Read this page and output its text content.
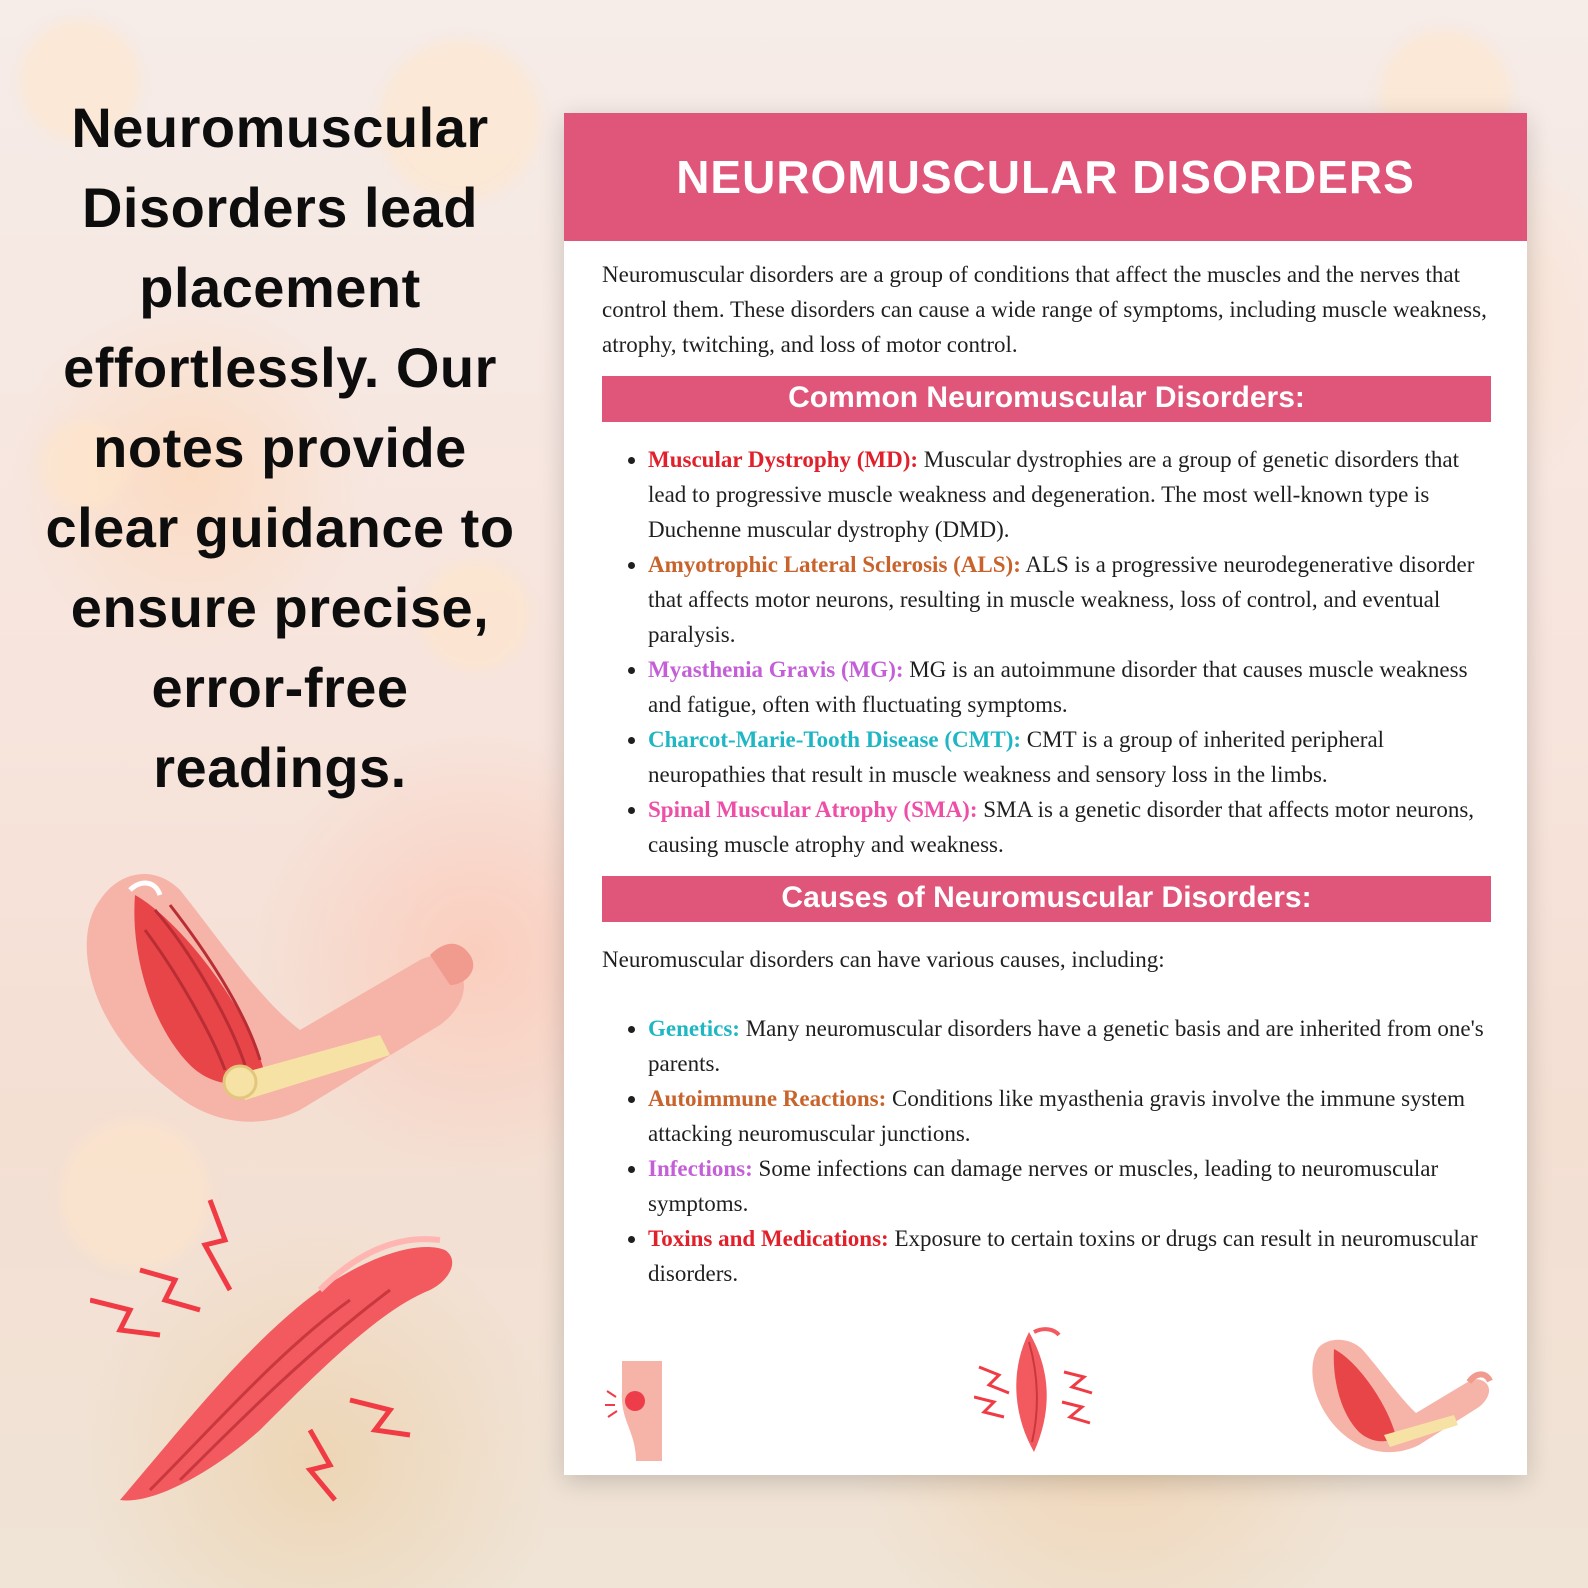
Neuromuscular Disorders lead placement effortlessly. Our notes provide clear guidance to ensure precise, error-free readings.
NEUROMUSCULAR DISORDERS

Neuromuscular disorders are a group of conditions that affect the muscles and the nerves that control them. These disorders can cause a wide range of symptoms, including muscle weakness, atrophy, twitching, and loss of motor control.

Common Neuromuscular Disorders:
• Muscular Dystrophy (MD): Muscular dystrophies are a group of genetic disorders that lead to progressive muscle weakness and degeneration. The most well-known type is Duchenne muscular dystrophy (DMD).
• Amyotrophic Lateral Sclerosis (ALS): ALS is a progressive neurodegenerative disorder that affects motor neurons, resulting in muscle weakness, loss of control, and eventual paralysis.
• Myasthenia Gravis (MG): MG is an autoimmune disorder that causes muscle weakness and fatigue, often with fluctuating symptoms.
• Charcot-Marie-Tooth Disease (CMT): CMT is a group of inherited peripheral neuropathies that result in muscle weakness and sensory loss in the limbs.
• Spinal Muscular Atrophy (SMA): SMA is a genetic disorder that affects motor neurons, causing muscle atrophy and weakness.
Causes of Neuromuscular Disorders:

Neuromuscular disorders can have various causes, including:

• Genetics: Many neuromuscular disorders have a genetic basis and are inherited from one's parents.
• Autoimmune Reactions: Conditions like myasthenia gravis involve the immune system attacking neuromuscular junctions.
• Infections: Some infections can damage nerves or muscles, leading to neuromuscular symptoms.
• Toxins and Medications: Exposure to certain toxins or drugs can result in neuromuscular disorders.
